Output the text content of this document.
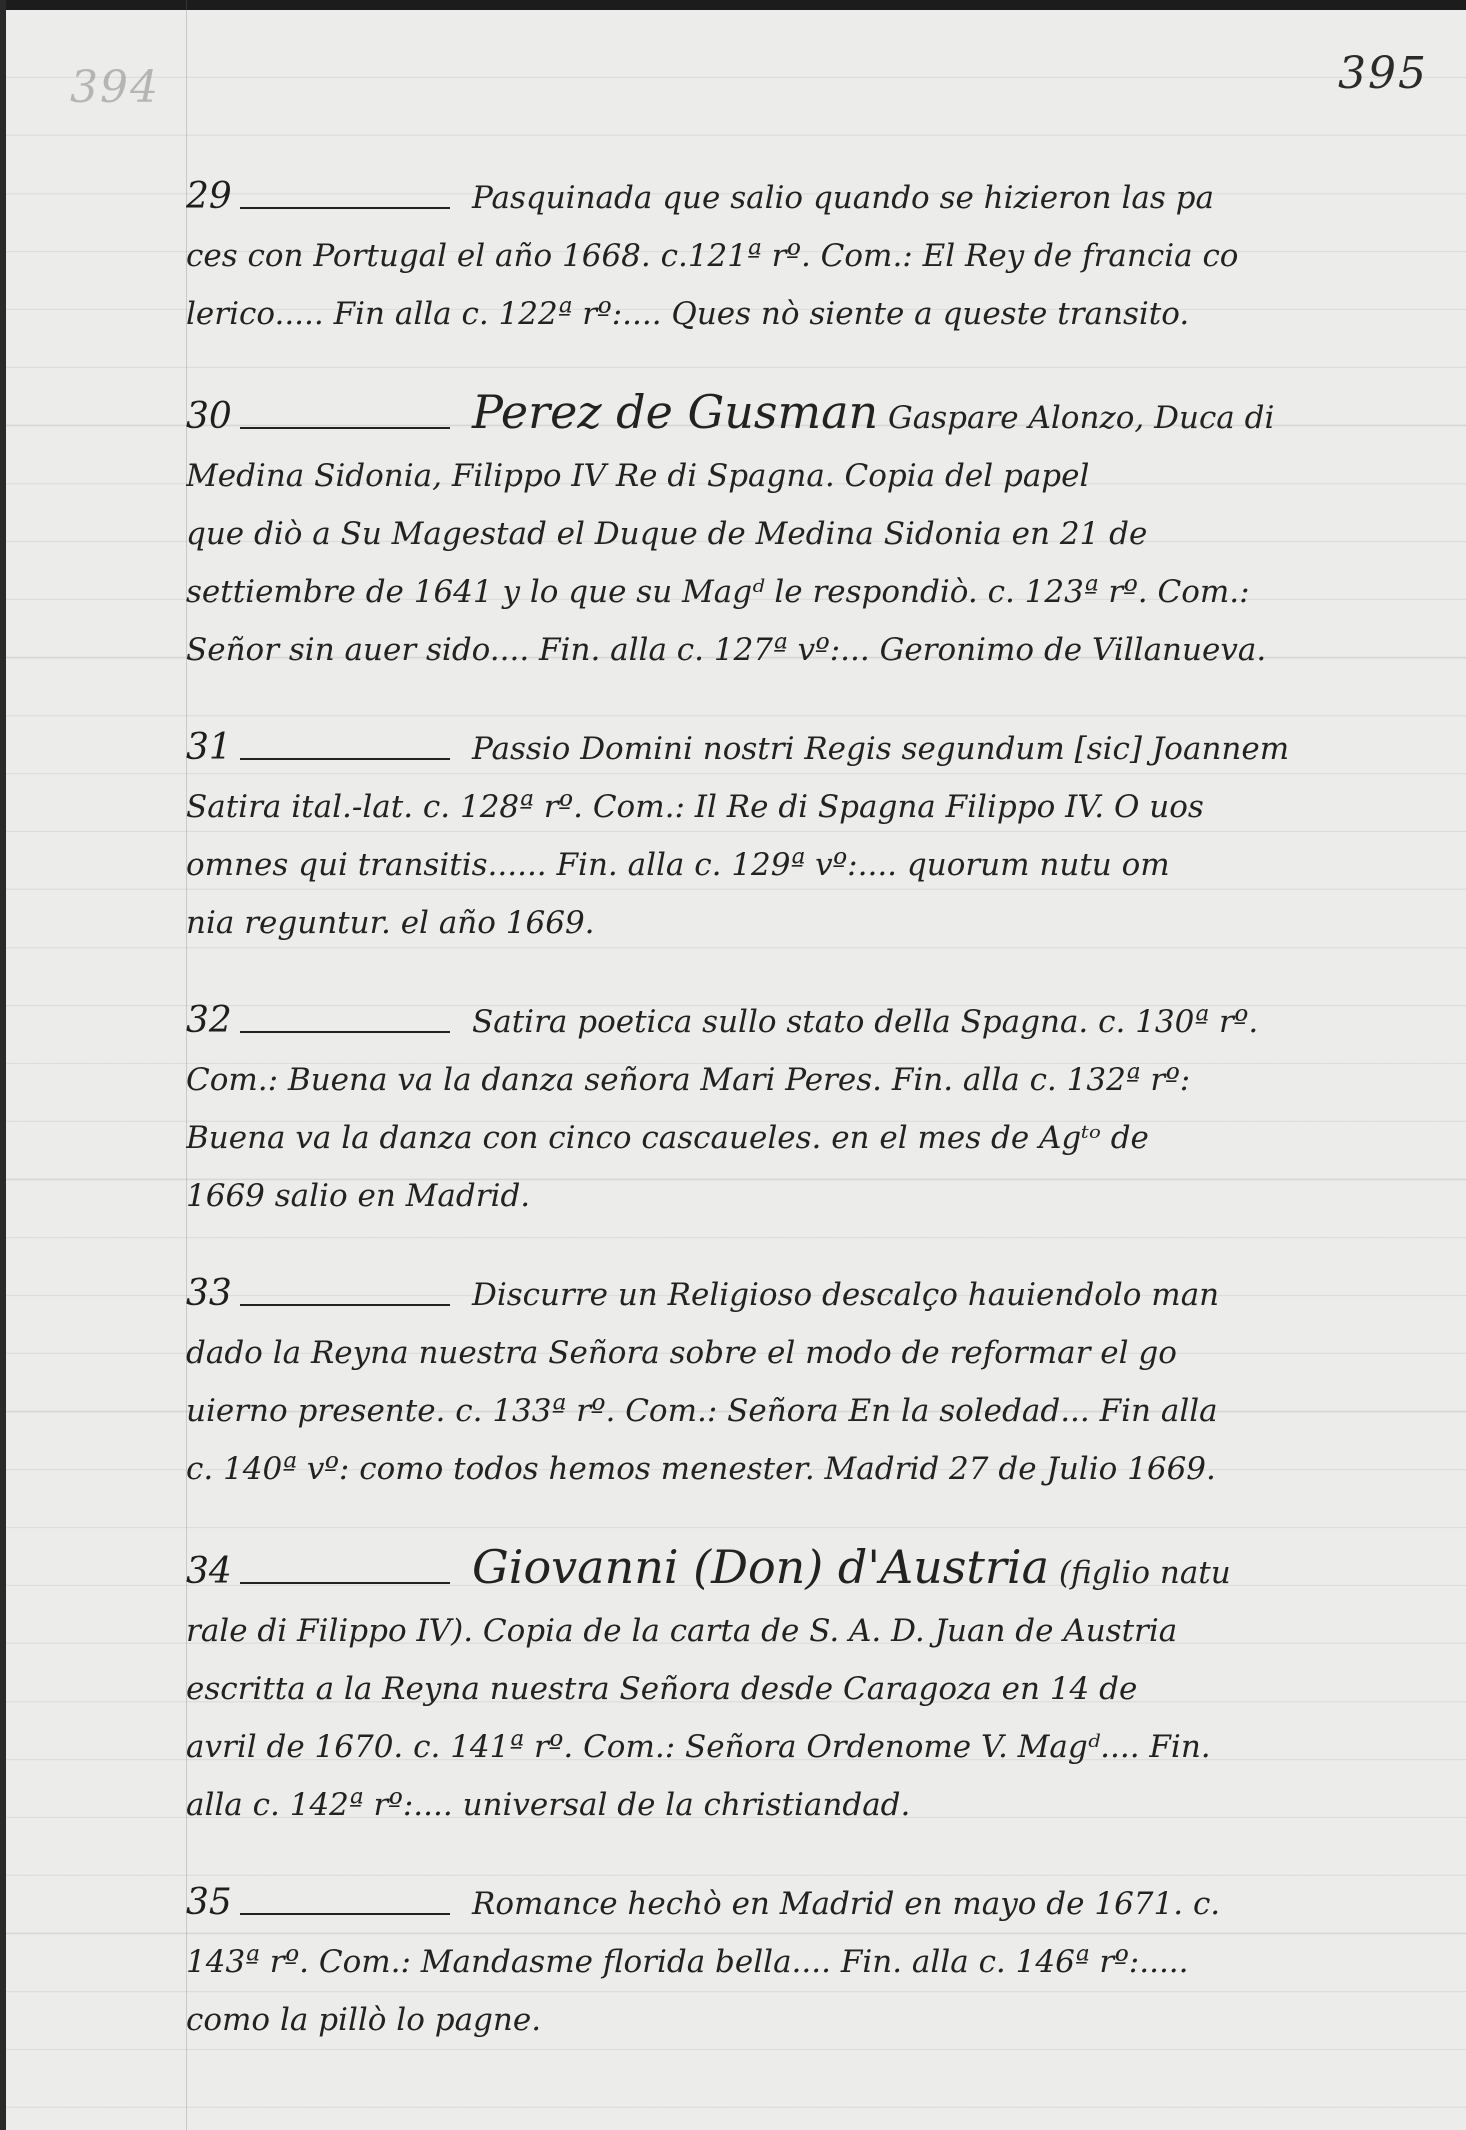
394	395
29	Pasquinada que salio quando se hizieron las pa
ces con Portugal el año 1668. c.121ª rº. Com.: El Rey de francia co
lerico..... Fin alla c. 122ª rº:.... Ques nò siente a queste transito.
30	Perez de Gusman Gaspare Alonzo, Duca di
Medina Sidonia, Filippo IV Re di Spagna. Copia del papel
que diò a Su Magestad el Duque de Medina Sidonia en 21 de
settiembre de 1641 y lo que su Magᵈ le respondiò. c. 123ª rº. Com.:
Señor sin auer sido.... Fin. alla c. 127ª vº:... Geronimo de Villanueva.
31	Passio Domini nostri Regis segundum [sic] Joannem
Satira ital.-lat. c. 128ª rº. Com.: Il Re di Spagna Filippo IV. O uos
omnes qui transitis...... Fin. alla c. 129ª vº:.... quorum nutu om
nia reguntur. el año 1669.
32	Satira poetica sullo stato della Spagna. c. 130ª rº.
Com.: Buena va la danza señora Mari Peres. Fin. alla c. 132ª rº:
Buena va la danza con cinco cascaueles. en el mes de Agᵗᵒ de
1669 salio en Madrid.
33	Discurre un Religioso descalço hauiendolo man
dado la Reyna nuestra Señora sobre el modo de reformar el go
uierno presente. c. 133ª rº. Com.: Señora En la soledad... Fin alla
c. 140ª vº: como todos hemos menester. Madrid 27 de Julio 1669.
34	Giovanni (Don) d'Austria (figlio natu
rale di Filippo IV). Copia de la carta de S. A. D. Juan de Austria
escritta a la Reyna nuestra Señora desde Caragoza en 14 de
avril de 1670. c. 141ª rº. Com.: Señora Ordenome V. Magᵈ.... Fin.
alla c. 142ª rº:.... universal de la christiandad.
35	Romance hechò en Madrid en mayo de 1671. c.
143ª rº. Com.: Mandasme florida bella.... Fin. alla c. 146ª rº:.....
como la pillò lo pagne.
